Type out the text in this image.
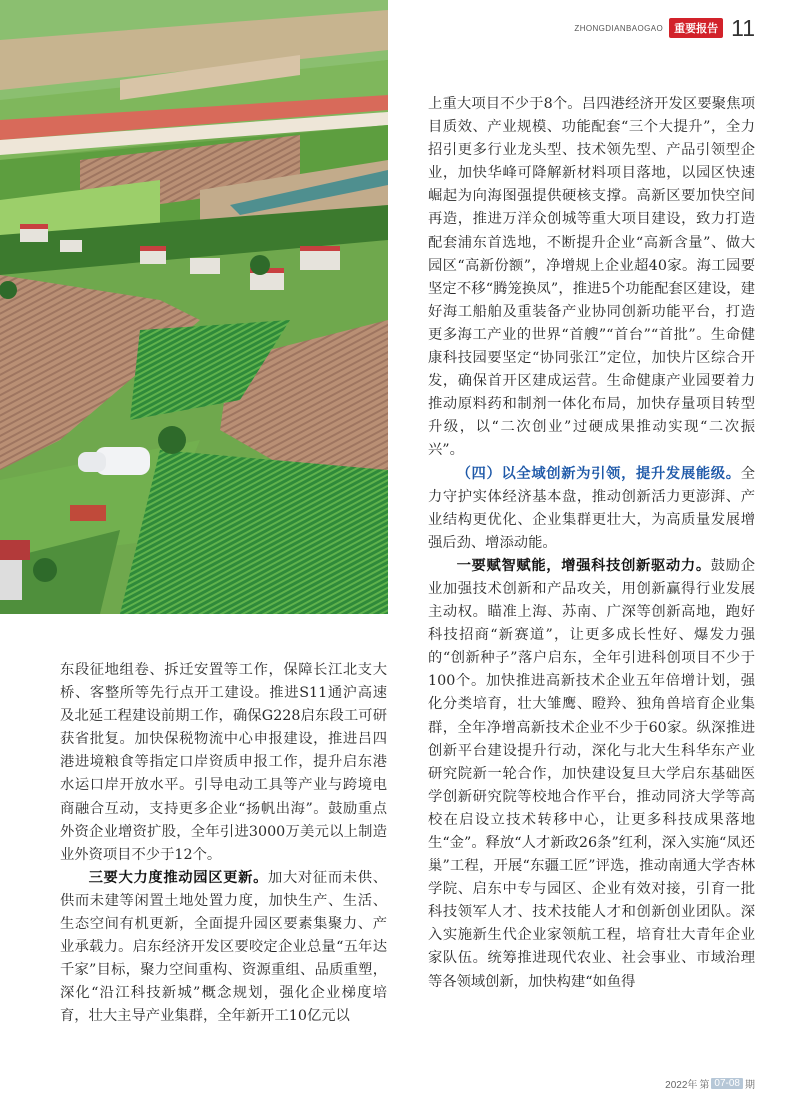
ZHONGDIANBAOGAO	重要报告 11

上重大项目不少于8个。吕四港经济开发区要聚焦项目质效、产业规模、功能配套“三个大提升”，全力招引更多行业龙头型、技术领先型、产品引领型企业，加快华峰可降解新材料项目落地，以园区快速崛起为向海图强提供硬核支撑。高新区要加快空间再造，推进万洋众创城等重大项目建设，致力打造配套浦东首选地，不断提升企业“高新含量”、做大园区“高新份额”，净增规上企业超40家。海工园要坚定不移“腾笼换凤”，推进5个功能配套区建设，建好海工船舶及重装备产业协同创新功能平台，打造更多海工产业的世界“首艘”“首台”“首批”。生命健康科技园要坚定“协同张江”定位，加快片区综合开发，确保首开区建成运营。生命健康产业园要着力推动原料药和制剂一体化布局，加快存量项目转型升级，以“二次创业”过硬成果推动实现“二次振兴”。

（四）以全域创新为引领，提升发展能级。全力守护实体经济基本盘，推动创新活力更澎湃、产业结构更优化、企业集群更壮大，为高质量发展增强后劲、增添动能。

一要赋智赋能，增强科技创新驱动力。鼓励企业加强技术创新和产品攻关，用创新赢得行业发展主动权。瞄准上海、苏南、广深等创新高地，跑好科技招商“新赛道”，让更多成长性好、爆发力强的“创新种子”落户启东，全年引进科创项目不少于100个。加快推进高新技术企业五年倍增计划，强化分类培育，壮大雏鹰、瞪羚、独角兽培育企业集群，全年净增高新技术企业不少于60家。纵深推进创新平台建设提升行动，深化与北大生科华东产业研究院新一轮合作，加快建设复旦大学启东基础医学创新研究院等校地合作平台，推动同济大学等高校在启设立技术转移中心，让更多科技成果落地生“金”。释放“人才新政26条”红利，深入实施“凤还巢”工程，开展“东疆工匠”评选，推动南通大学杏林学院、启东中专与园区、企业有效对接，引育一批科技领军人才、技术技能人才和创新创业团队。深入实施新生代企业家领航工程，培育壮大青年企业家队伍。统筹推进现代农业、社会事业、市域治理等各领域创新，加快构建“如鱼得

东段征地组卷、拆迁安置等工作，保障长江北支大桥、客整所等先行点开工建设。推进S11通沪高速及北延工程建设前期工作，确保G228启东段工可研获省批复。加快保税物流中心申报建设，推进吕四港进境粮食等指定口岸资质申报工作，提升启东港水运口岸开放水平。引导电动工具等产业与跨境电商融合互动，支持更多企业“扬帆出海”。鼓励重点外资企业增资扩股，全年引进3000万美元以上制造业外资项目不少于12个。

三要大力度推动园区更新。加大对征而未供、供而未建等闲置土地处置力度，加快生产、生活、生态空间有机更新，全面提升园区要素集聚力、产业承载力。启东经济开发区要咬定企业总量“五年达千家”目标，聚力空间重构、资源重组、品质重塑，深化“沿江科技新城”概念规划，强化企业梯度培育，壮大主导产业集群，全年新开工10亿元以

2022年 第 07-08 期
